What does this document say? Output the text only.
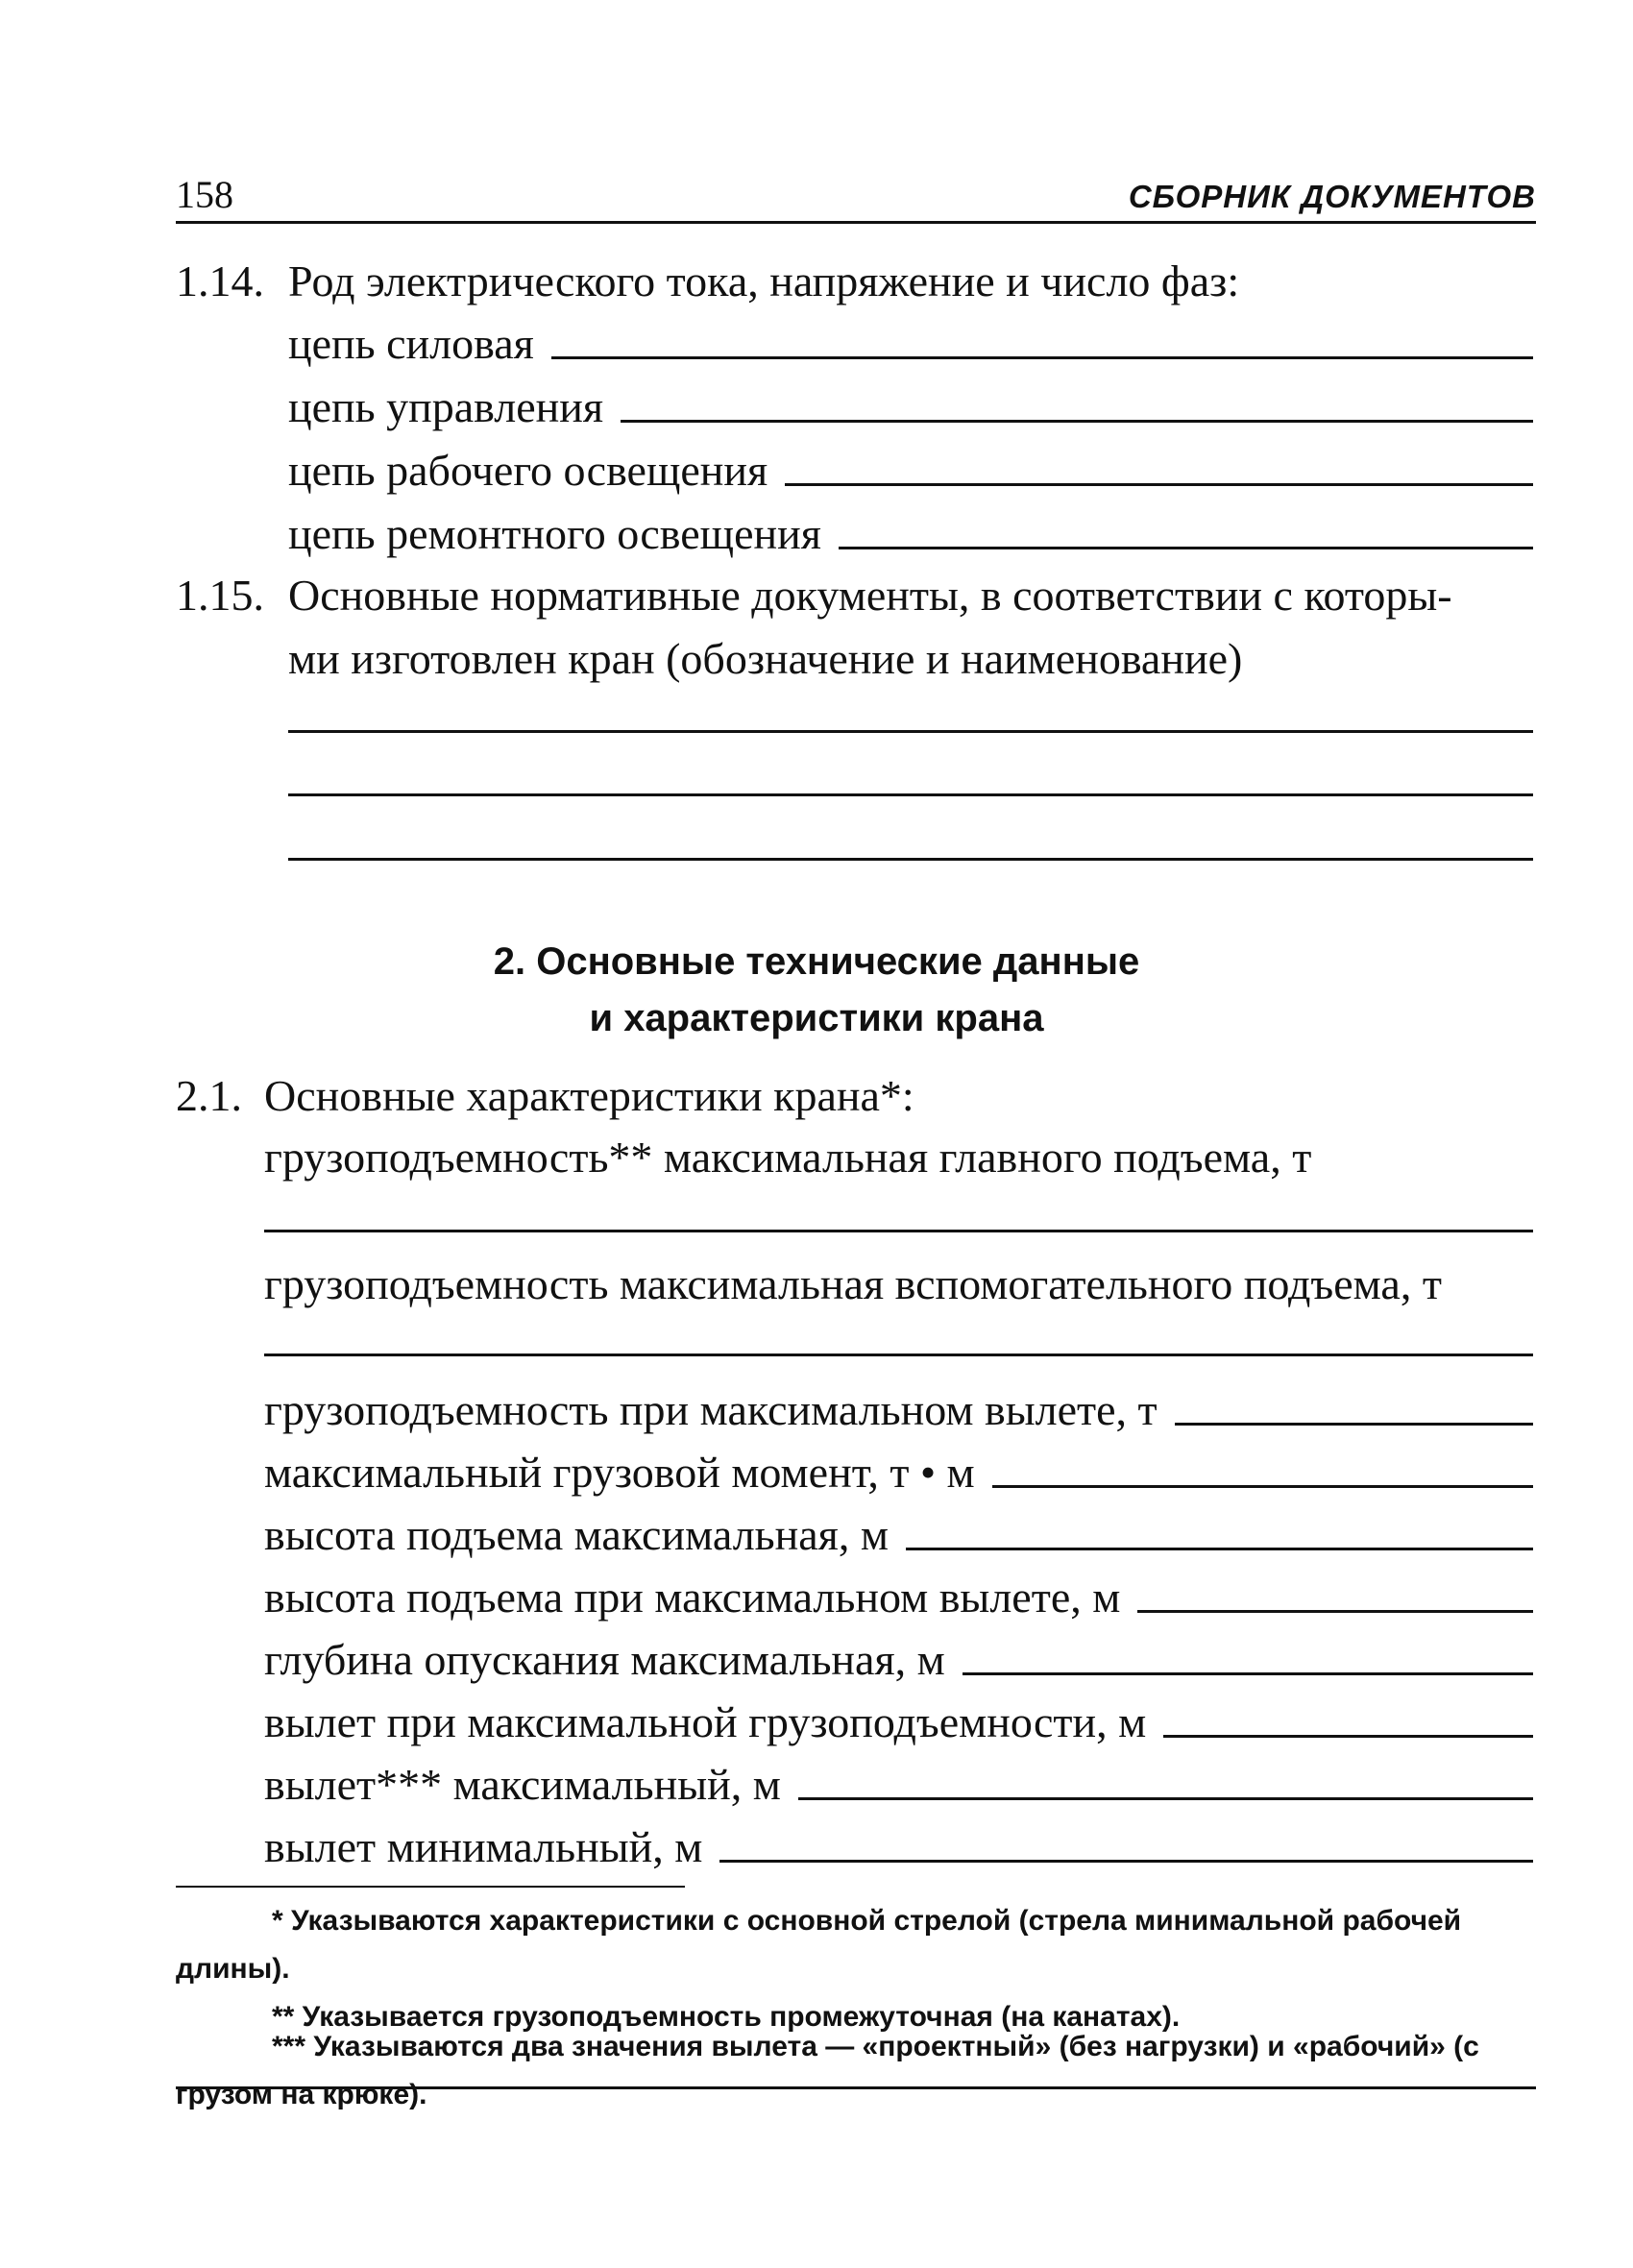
158	СБОРНИК ДОКУМЕНТОВ
1.14. Род электрического тока, напряжение и число фаз:
цепь силовая
цепь управления
цепь рабочего освещения
цепь ремонтного освещения
1.15. Основные нормативные документы, в соответствии с которы-
ми изготовлен кран (обозначение и наименование)
2. Основные технические данные
и характеристики крана
2.1. Основные характеристики крана*:
грузоподъемность** максимальная главного подъема, т
грузоподъемность максимальная вспомогательного подъема, т
грузоподъемность при максимальном вылете, т
максимальный грузовой момент, т • м
высота подъема максимальная, м
высота подъема при максимальном вылете, м
глубина опускания максимальная, м
вылет при максимальной грузоподъемности, м
вылет*** максимальный, м
вылет минимальный, м
* Указываются характеристики с основной стрелой (стрела минимальной рабочей длины).
** Указывается грузоподъемность промежуточная (на канатах).
*** Указываются два значения вылета — «проектный» (без нагрузки) и «рабочий» (с грузом на крюке).
